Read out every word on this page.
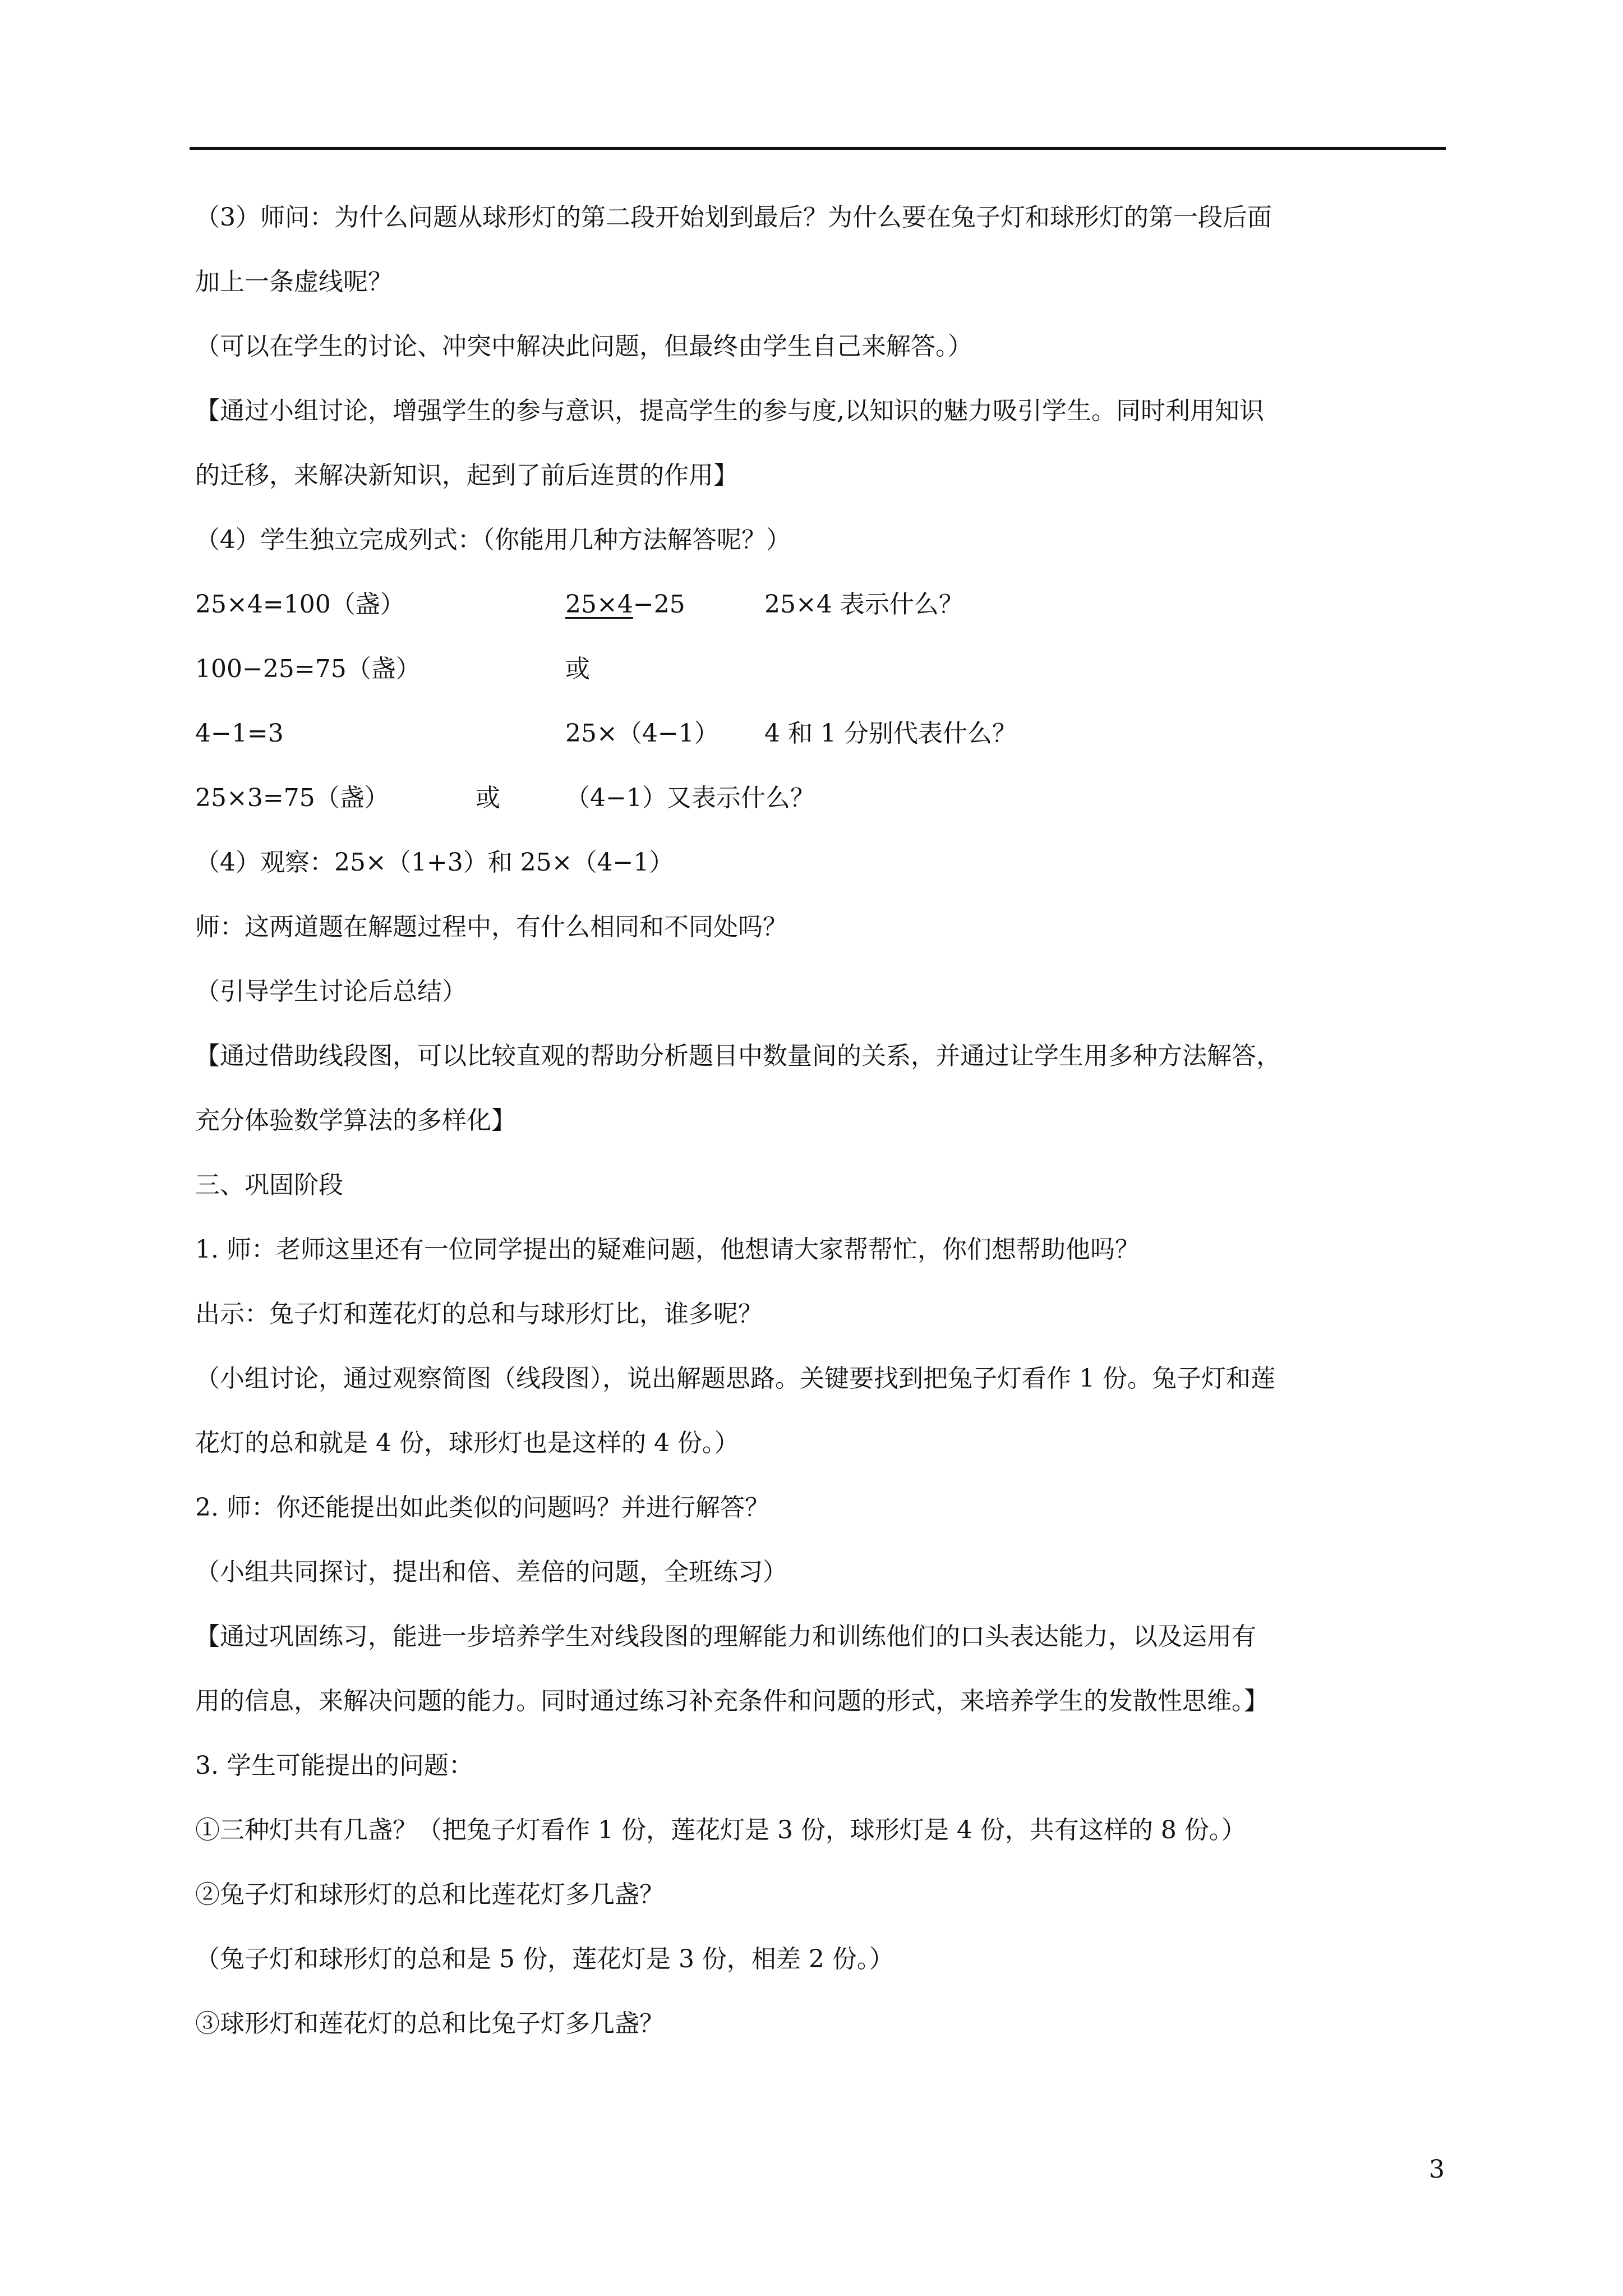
（3）师问：为什么问题从球形灯的第二段开始划到最后？为什么要在兔子灯和球形灯的第一段后面
加上一条虚线呢？
（可以在学生的讨论、冲突中解决此问题，但最终由学生自己来解答。）
【通过小组讨论，增强学生的参与意识，提高学生的参与度,以知识的魅力吸引学生。同时利用知识
的迁移，来解决新知识，起到了前后连贯的作用】
（4）学生独立完成列式：（你能用几种方法解答呢？）
25×4=100（盏）	25×4−25	25×4 表示什么？
100−25=75（盏）	或
4−1=3	25×（4−1） 4 和 1 分别代表什么？
25×3=75（盏）	或	（4−1）又表示什么？
（4）观察：25×（1+3）和 25×（4−1）
师：这两道题在解题过程中，有什么相同和不同处吗？
（引导学生讨论后总结）
【通过借助线段图，可以比较直观的帮助分析题目中数量间的关系，并通过让学生用多种方法解答，
充分体验数学算法的多样化】
三、巩固阶段
1. 师：老师这里还有一位同学提出的疑难问题，他想请大家帮帮忙，你们想帮助他吗？
出示：兔子灯和莲花灯的总和与球形灯比，谁多呢？
（小组讨论，通过观察简图（线段图），说出解题思路。关键要找到把兔子灯看作 1 份。兔子灯和莲
花灯的总和就是 4 份，球形灯也是这样的 4 份。）
2. 师：你还能提出如此类似的问题吗？并进行解答？
（小组共同探讨，提出和倍、差倍的问题，全班练习）
【通过巩固练习，能进一步培养学生对线段图的理解能力和训练他们的口头表达能力，以及运用有
用的信息，来解决问题的能力。同时通过练习补充条件和问题的形式，来培养学生的发散性思维。】
3. 学生可能提出的问题：
①三种灯共有几盏？（把兔子灯看作 1 份，莲花灯是 3 份，球形灯是 4 份，共有这样的 8 份。）
②兔子灯和球形灯的总和比莲花灯多几盏？
（兔子灯和球形灯的总和是 5 份，莲花灯是 3 份，相差 2 份。）
③球形灯和莲花灯的总和比兔子灯多几盏？
3
